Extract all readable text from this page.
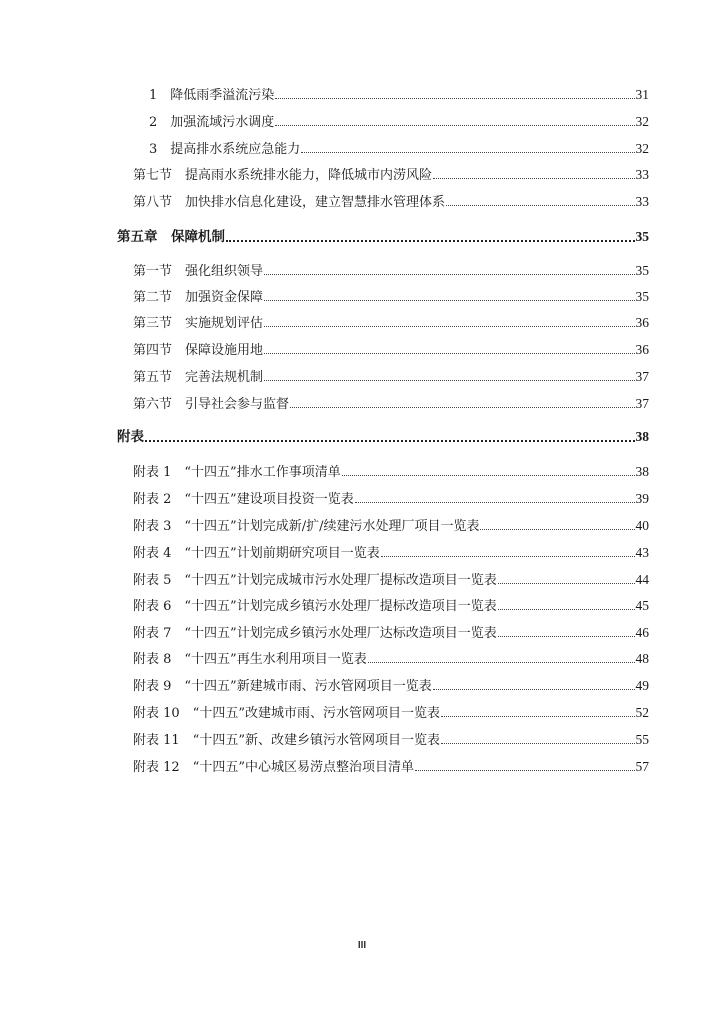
1　降低雨季溢流污染	31
2　加强流域污水调度	32
3　提高排水系统应急能力	32
第七节　提高雨水系统排水能力，降低城市内涝风险	33
第八节　加快排水信息化建设，建立智慧排水管理体系	33
第五章　保障机制	35
第一节　强化组织领导	35
第二节　加强资金保障	35
第三节　实施规划评估	36
第四节　保障设施用地	36
第五节　完善法规机制	37
第六节　引导社会参与监督	37
附表	38
附表 1　“十四五”排水工作事项清单	38
附表 2　“十四五”建设项目投资一览表	39
附表 3　“十四五”计划完成新/扩/续建污水处理厂项目一览表	40
附表 4　“十四五”计划前期研究项目一览表	43
附表 5　“十四五”计划完成城市污水处理厂提标改造项目一览表	44
附表 6　“十四五”计划完成乡镇污水处理厂提标改造项目一览表	45
附表 7　“十四五”计划完成乡镇污水处理厂达标改造项目一览表	46
附表 8　“十四五”再生水利用项目一览表	48
附表 9　“十四五”新建城市雨、污水管网项目一览表	49
附表 10　“十四五”改建城市雨、污水管网项目一览表	52
附表 11　“十四五”新、改建乡镇污水管网项目一览表	55
附表 12　“十四五”中心城区易涝点整治项目清单	57
III
